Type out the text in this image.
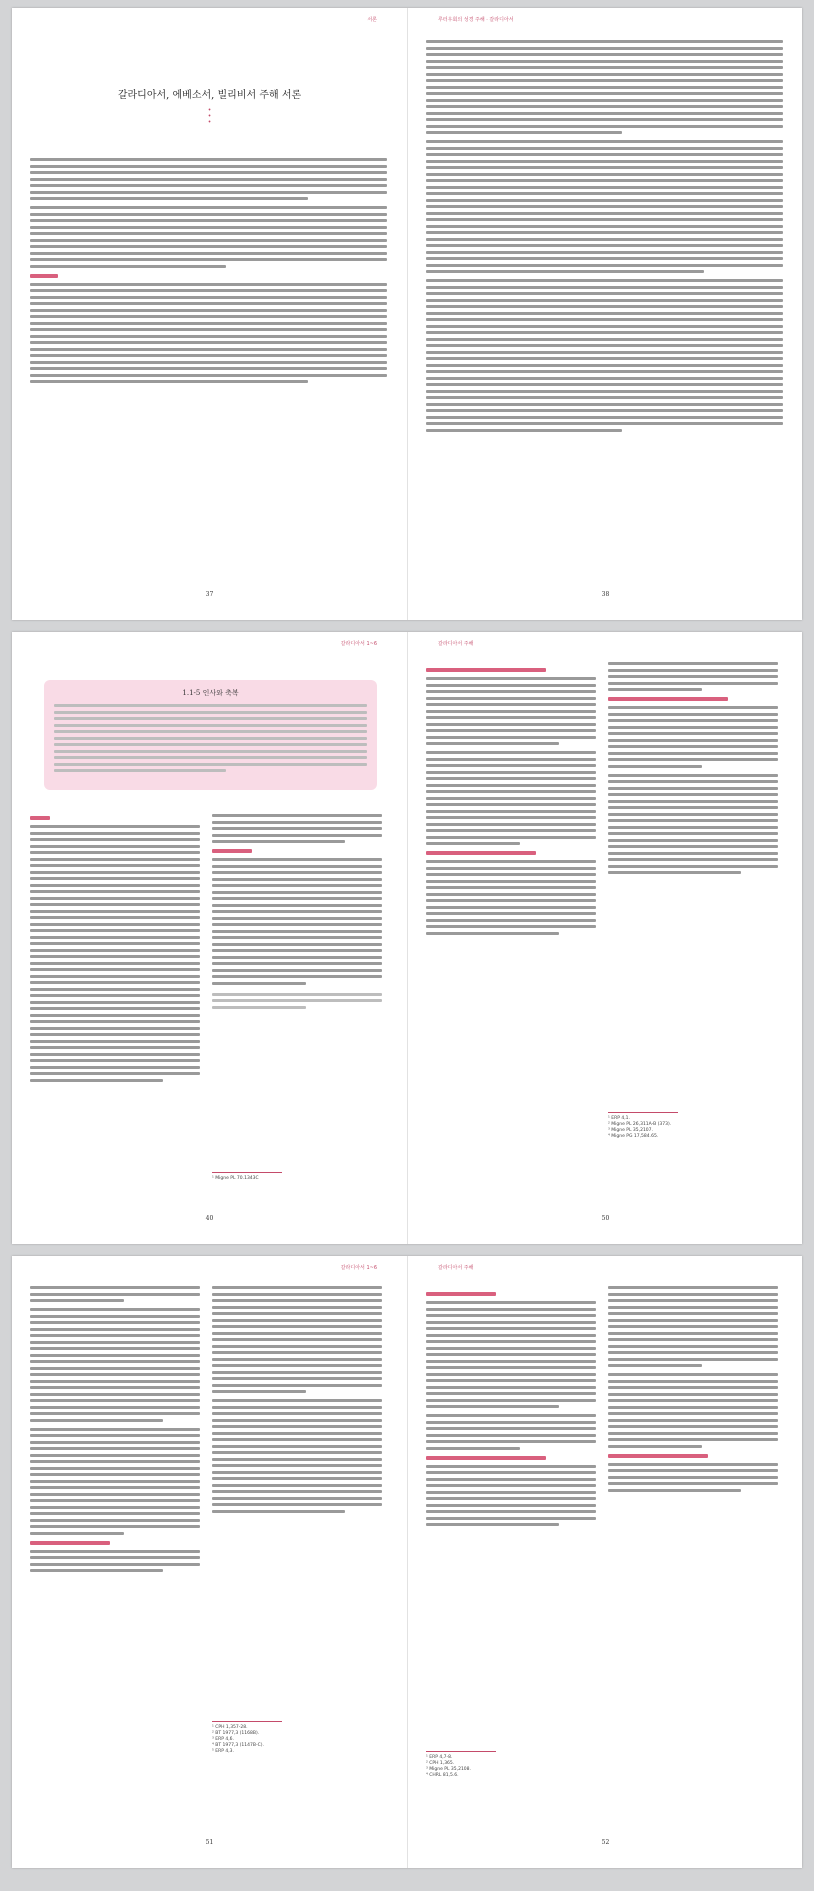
서론
갈라디아서, 에베소서, 빌리비서 주해 서론
•
•
•
37
루터우회의 성경 주해 · 갈라디아서
38
갈라디아서 1~6
1.1-5 인사와 축복
¹ Migne PL 70.1343C
40
갈라디아서 주해
¹ ERP 4,1.
² Migne PL 26,311A-B (373).
³ Migne PL 35,2107.
⁴ Migne PG 17,584.65.
50
갈라디아서 1~6
¹ CPH 1,357-28.
² BT 1977,3 (1168B).
³ ERP 4,6.
⁴ BT 1977,3 (1147B-C).
⁵ ERP 4,3.
51
갈라디아서 주해
¹ ERP 4,7-8.
² CPH 1,365.
³ Migne PL 35,2108.
⁴ CHRL 81,5.6.
52
